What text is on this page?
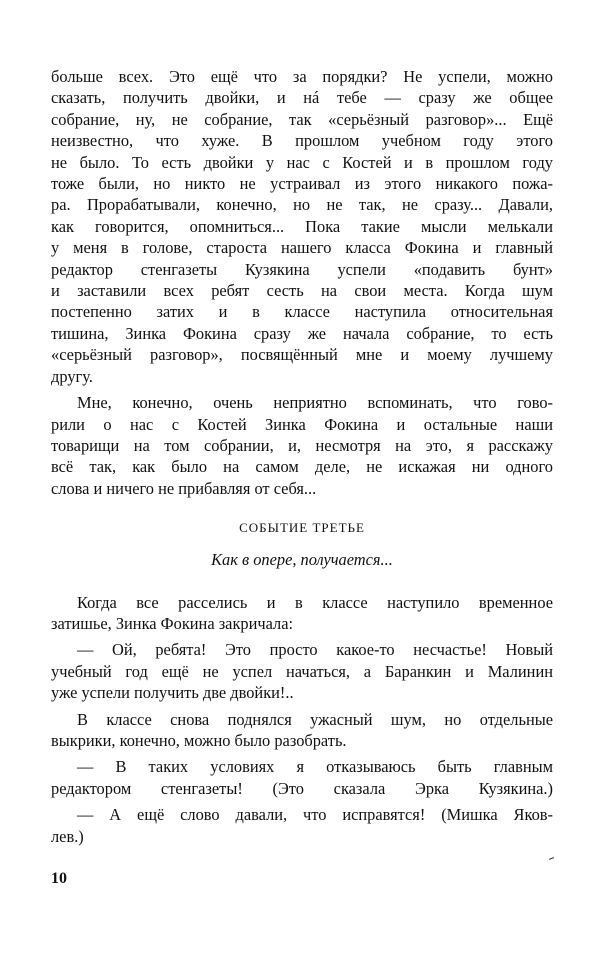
больше всех. Это ещё что за порядки? Не успели, можно

сказать, получить двойки, и нá тебе — сразу же общее

собрание, ну, не собрание, так «серьёзный разговор»... Ещё

неизвестно, что хуже. В прошлом учебном году этого

не было. То есть двойки у нас с Костей и в прошлом году

тоже были, но никто не устраивал из этого никакого пожа-

ра. Прорабатывали, конечно, но не так, не сразу... Давали,

как говорится, опомниться... Пока такие мысли мелькали

у меня в голове, староста нашего класса Фокина и главный

редактор стенгазеты Кузякина успели «подавить бунт»

и заставили всех ребят сесть на свои места. Когда шум

постепенно затих и в классе наступила относительная

тишина, Зинка Фокина сразу же начала собрание, то есть

«серьёзный разговор», посвящённый мне и моему лучшему

другу.

Мне, конечно, очень неприятно вспоминать, что гово-

рили о нас с Костей Зинка Фокина и остальные наши

товарищи на том собрании, и, несмотря на это, я расскажу

всё так, как было на самом деле, не искажая ни одного

слова и ничего не прибавляя от себя...

СОБЫТИЕ ТРЕТЬЕ
Как в опере, получается...

Когда все расселись и в классе наступило временное

затишье, Зинка Фокина закричала:

— Ой, ребята! Это просто какое-то несчастье! Новый

учебный год ещё не успел начаться, а Баранкин и Малинин

уже успели получить две двойки!..

В классе снова поднялся ужасный шум, но отдельные

выкрики, конечно, можно было разобрать.

— В таких условиях я отказываюсь быть главным

редактором стенгазеты! (Это сказала Эрка Кузякина.)

— А ещё слово давали, что исправятся! (Мишка Яков-

лев.)

10
